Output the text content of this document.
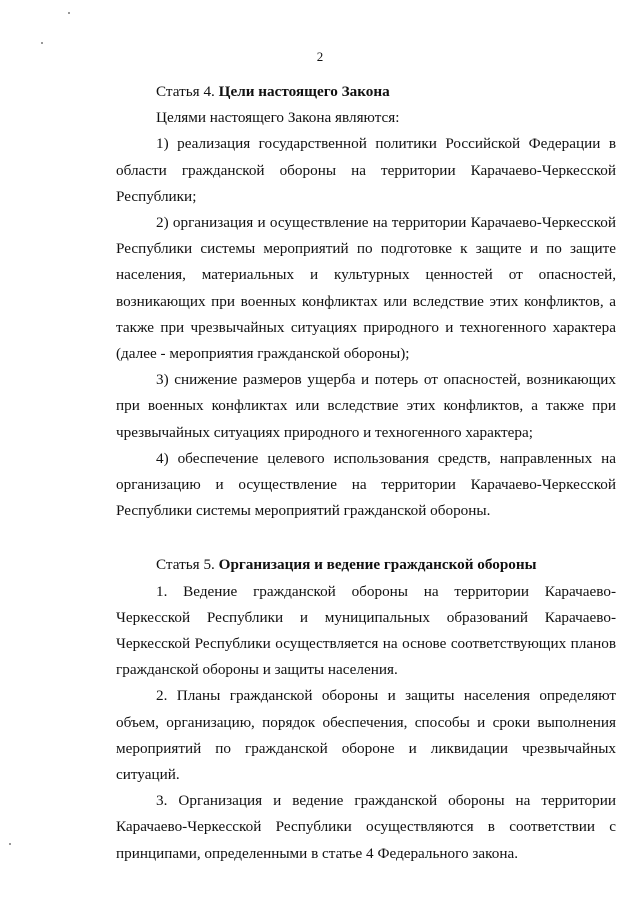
2

Статья 4. Цели настоящего Закона

Целями настоящего Закона являются:

1) реализация государственной политики Российской Федерации в области гражданской обороны на территории Карачаево-Черкесской Республики;

2) организация и осуществление на территории Карачаево-Черкесской Республики системы мероприятий по подготовке к защите и по защите населения, материальных и культурных ценностей от опасностей, возникающих при военных конфликтах или вследствие этих конфликтов, а также при чрезвычайных ситуациях природного и техногенного характера (далее - мероприятия гражданской обороны);

3) снижение размеров ущерба и потерь от опасностей, возникающих при военных конфликтах или вследствие этих конфликтов, а также при чрезвычайных ситуациях природного и техногенного характера;

4) обеспечение целевого использования средств, направленных на организацию и осуществление на территории Карачаево-Черкесской Республики системы мероприятий гражданской обороны.

Статья 5. Организация и ведение гражданской обороны

1. Ведение гражданской обороны на территории Карачаево-Черкесской Республики и муниципальных образований Карачаево-Черкесской Республики осуществляется на основе соответствующих планов гражданской обороны и защиты населения.

2. Планы гражданской обороны и защиты населения определяют объем, организацию, порядок обеспечения, способы и сроки выполнения мероприятий по гражданской обороне и ликвидации чрезвычайных ситуаций.

3. Организация и ведение гражданской обороны на территории Карачаево-Черкесской Республики осуществляются в соответствии с принципами, определенными в статье 4 Федерального закона.
